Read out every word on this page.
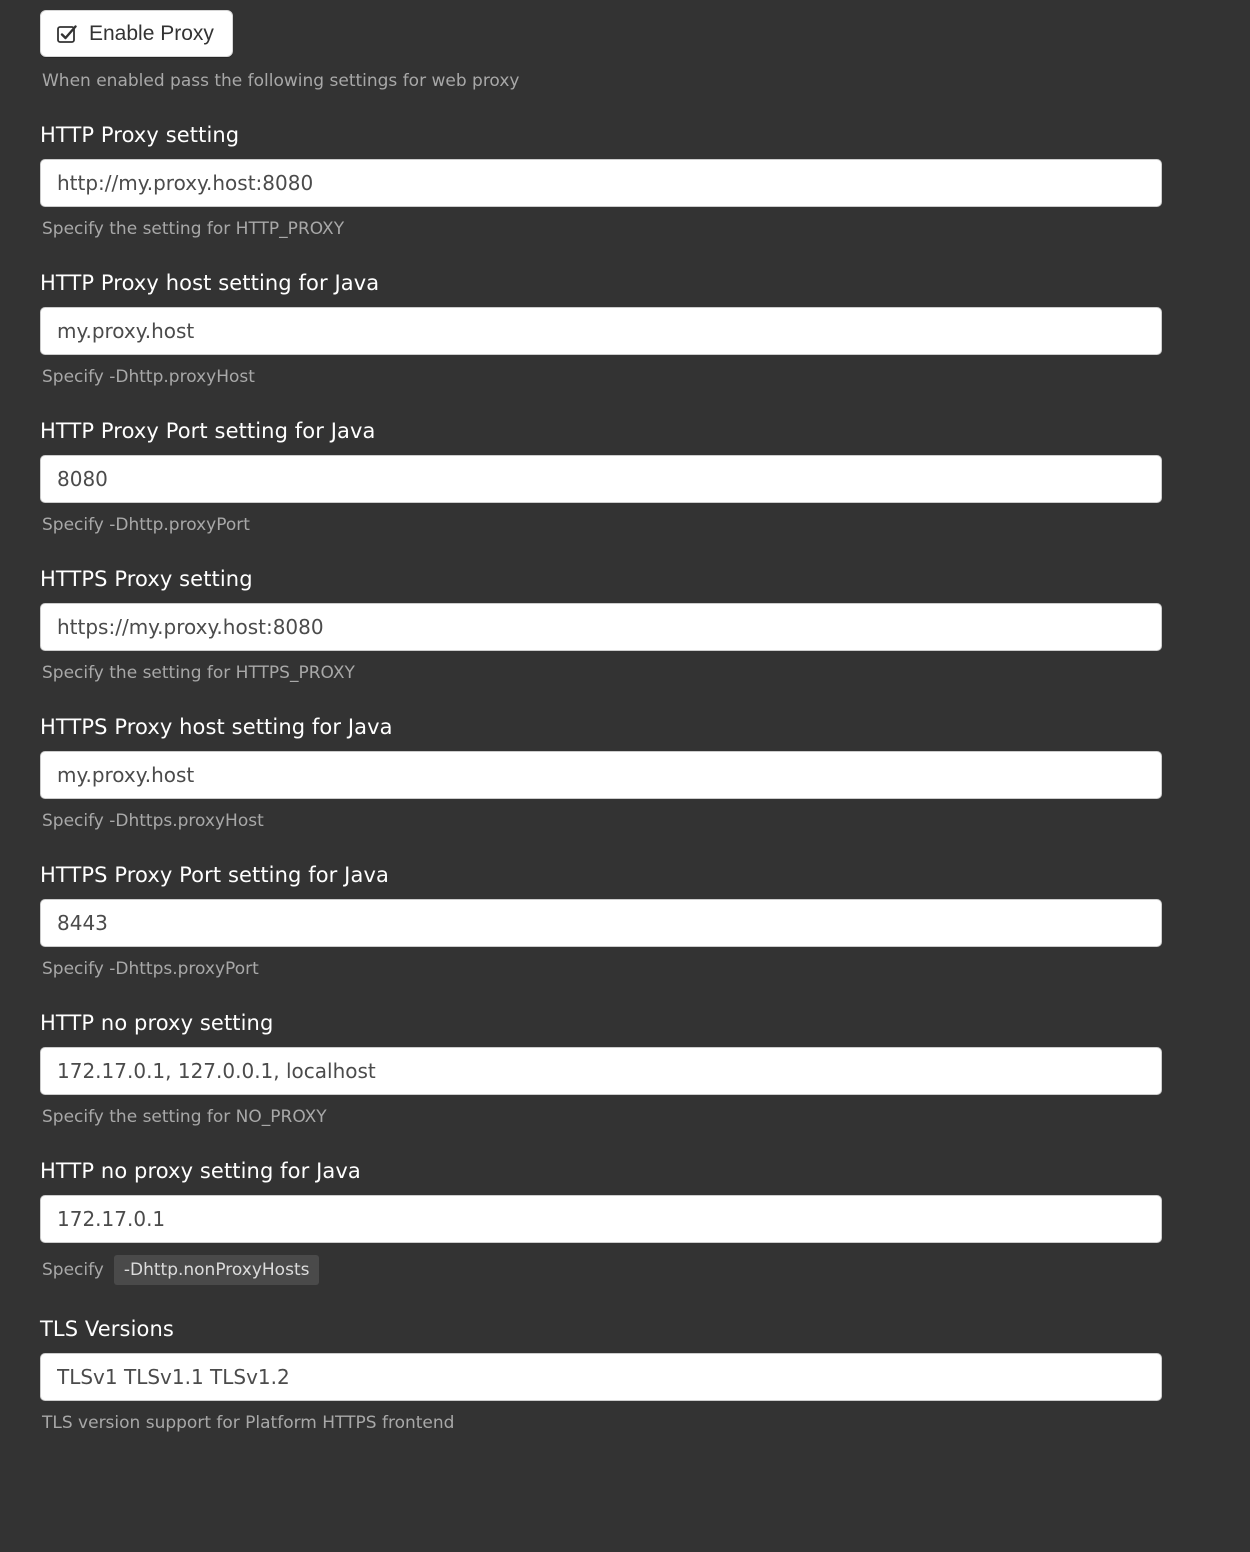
Enable Proxy
When enabled pass the following settings for web proxy
HTTP Proxy setting
http://my.proxy.host:8080
Specify the setting for HTTP_PROXY
HTTP Proxy host setting for Java
my.proxy.host
Specify -Dhttp.proxyHost
HTTP Proxy Port setting for Java
8080
Specify -Dhttp.proxyPort
HTTPS Proxy setting
https://my.proxy.host:8080
Specify the setting for HTTPS_PROXY
HTTPS Proxy host setting for Java
my.proxy.host
Specify -Dhttps.proxyHost
HTTPS Proxy Port setting for Java
8443
Specify -Dhttps.proxyPort
HTTP no proxy setting
172.17.0.1, 127.0.0.1, localhost
Specify the setting for NO_PROXY
HTTP no proxy setting for Java
172.17.0.1
Specify	-Dhttp.nonProxyHosts
TLS Versions
TLSv1 TLSv1.1 TLSv1.2
TLS version support for Platform HTTPS frontend
